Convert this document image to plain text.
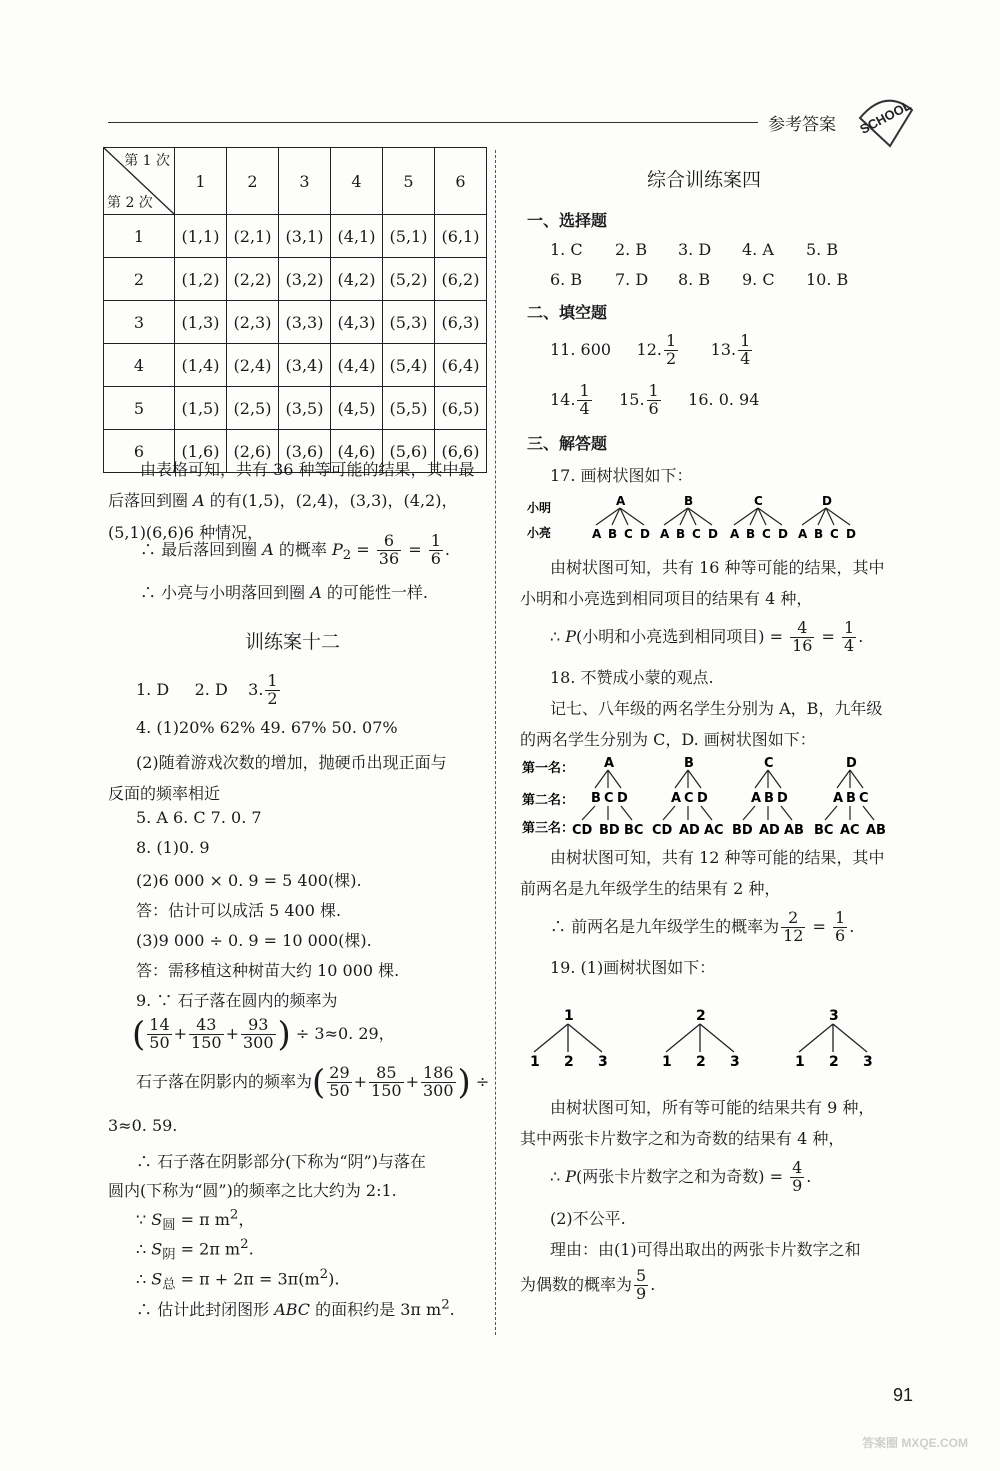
参考答案 SCHOOL
第 1 次
第 2 次	1	2	3	4	5	6
1	(1,1)	(2,1)	(3,1)	(4,1)	(5,1)	(6,1)
2	(1,2)	(2,2)	(3,2)	(4,2)	(5,2)	(6,2)
3	(1,3)	(2,3)	(3,3)	(4,3)	(5,3)	(6,3)
4	(1,4)	(2,4)	(3,4)	(4,4)	(5,4)	(6,4)
5	(1,5)	(2,5)	(3,5)	(4,5)	(5,5)	(6,5)
6	(1,6)	(2,6)	(3,6)	(4,6)	(5,6)	(6,6)
由表格可知，共有 36 种等可能的结果，其中最
后落回到圈 A 的有(1,5)，(2,4)，(3,3)，(4,2)，
(5,1)(6,6)6 种情况，
∴ 最后落回到圈 A 的概率 $P_2 = \frac{6}{36} = \frac{1}{6}$ .
∴ 小亮与小明落回到圈 A 的可能性一样.
训练案十二
1. D 2. D 3. $\frac{1}{2}$
4. (1)20% 62% 49. 67% 50. 07%
(2)随着游戏次数的增加，抛硬币出现正面与
反面的频率相近
5. A 6. C 7. 0. 7
8. (1)0. 9
(2)6 000 × 0. 9 = 5 400(棵).
答：估计可以成活 5 400 棵.
(3)9 000 ÷ 0. 9 = 10 000(棵).
答：需移植这种树苗大约 10 000 棵.
9. ∵ 石子落在圆内的频率为
( $\frac{14}{50} + \frac{43}{150} + \frac{93}{300}$ ) ÷ 3≈0. 29，
石子落在阴影内的频率为( $\frac{29}{50} + \frac{85}{150} + \frac{186}{300}$ ) ÷
3≈0. 59.
∴ 石子落在阴影部分(下称为“阴”)与落在
圆内(下称为“圆”)的频率之比大约为 2:1.
∵ $S_圆 = \pi$ $m^2$，
∴ $S_阴 = 2\pi$ $m^2$.
∴ $S_总 = \pi + 2\pi = 3\pi(m^2)$.
∴ 估计此封闭图形 ABC 的面积约是 3π $m^2$.
综合训练案四
一、选择题
1. C 2. B 3. D 4. A 5. B
6. B 7. D 8. B 9. C 10. B
二、填空题
11. 600 12. $\frac{1}{2} 13$. $\frac{1}{4}$
14. $\frac{1}{4} 15$. $\frac{1}{6} 16$. 0. 94
三、解答题
17. 画树状图如下：
小明
小亮
A	B	C	D
A B C D A B C D A B C D A B C D
由树状图可知，共有 16 种等可能的结果，其中
小明和小亮选到相同项目的结果有 4 种，
∴ P(小明和小亮选到相同项目) = $\frac{4}{16} = \frac{1}{4}$ .
18. 不赞成小蒙的观点.
记七、八年级的两名学生分别为 A，B，九年级
的两名学生分别为 C，D. 画树状图如下：
第一名：
第二名：
第三名：
A	B	C	D
B C D	A C D	A B D	A B C
CD BD BC CD AD AC BD AD AB BC AC AB
由树状图可知，共有 12 种等可能的结果，其中
前两名是九年级学生的结果有 2 种，
∴ 前两名是九年级学生的概率为 $\frac{2}{12} = \frac{1}{6}$ .
19. (1)画树状图如下：
1	2	3
1 2 3	1 2 3	1 2 3
由树状图可知，所有等可能的结果共有 9 种，
其中两张卡片数字之和为奇数的结果有 4 种，
∴ P(两张卡片数字之和为奇数) = $\frac{4}{9}$ .
(2)不公平.
理由：由(1)可得出取出的两张卡片数字之和
为偶数的概率为 $\frac{5}{9}$ .
91
答案圈 MXQE.COM
